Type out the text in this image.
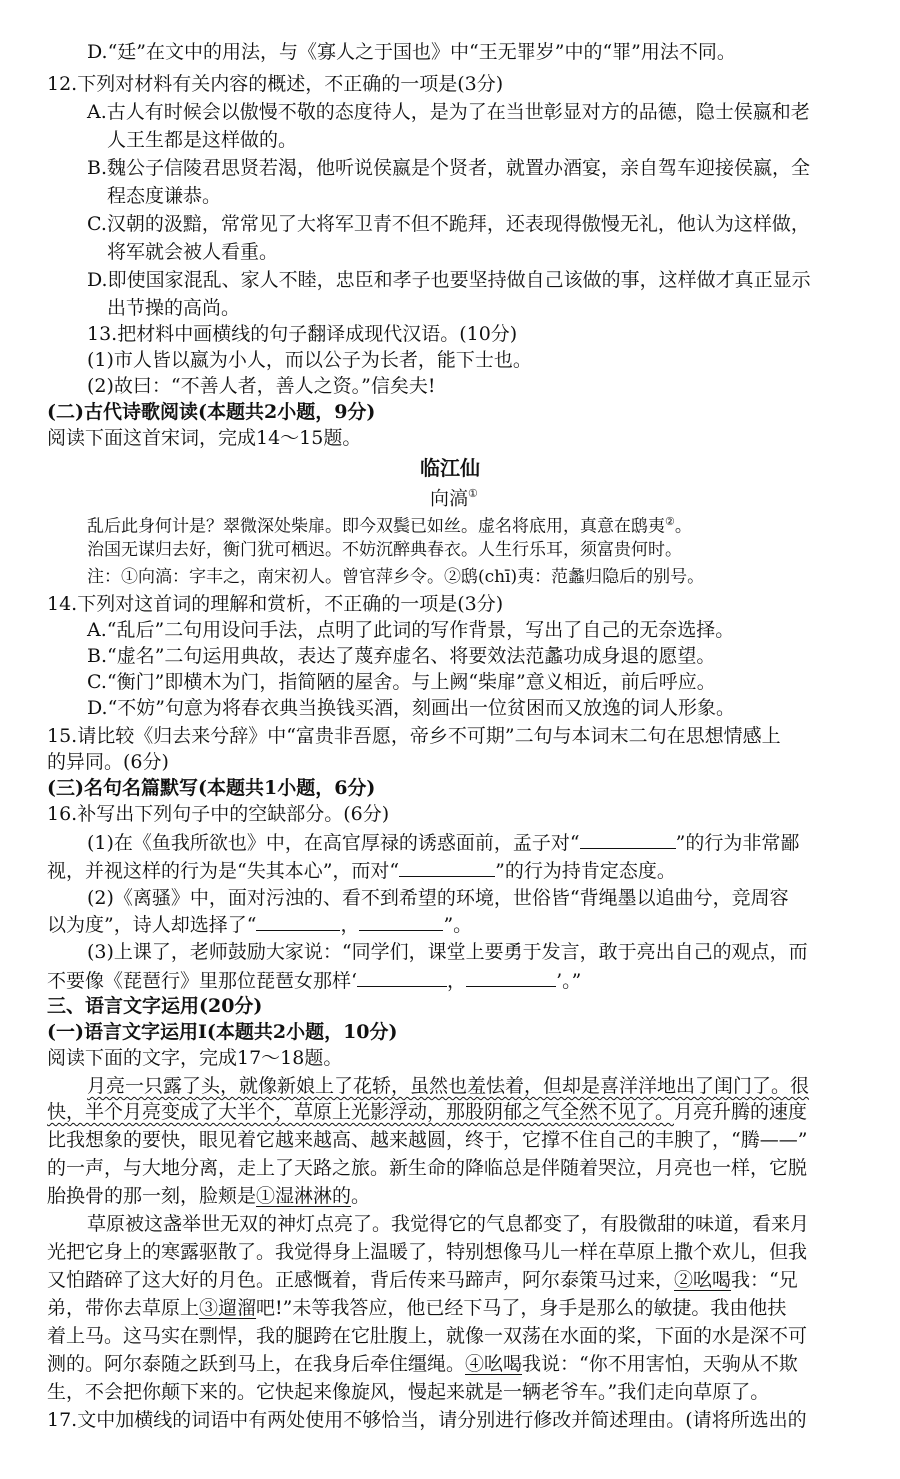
D.“廷”在文中的用法，与《寡人之于国也》中“王无罪岁”中的“罪”用法不同。
12.下列对材料有关内容的概述，不正确的一项是(3分)
A.古人有时候会以傲慢不敬的态度待人，是为了在当世彰显对方的品德，隐士侯嬴和老
人王生都是这样做的。
B.魏公子信陵君思贤若渴，他听说侯嬴是个贤者，就置办酒宴，亲自驾车迎接侯嬴，全
程态度谦恭。
C.汉朝的汲黯，常常见了大将军卫青不但不跪拜，还表现得傲慢无礼，他认为这样做，
将军就会被人看重。
D.即使国家混乱、家人不睦，忠臣和孝子也要坚持做自己该做的事，这样做才真正显示
出节操的高尚。
13.把材料中画横线的句子翻译成现代汉语。(10分)
(1)市人皆以嬴为小人，而以公子为长者，能下士也。
(2)故曰：“不善人者，善人之资。”信矣夫!
(二)古代诗歌阅读(本题共2小题，9分)
阅读下面这首宋词，完成14～15题。
临江仙
向滈①
乱后此身何计是？翠微深处柴扉。即今双鬓已如丝。虚名将底用，真意在鸱夷②。
治国无谋归去好，衡门犹可栖迟。不妨沉醉典春衣。人生行乐耳，须富贵何时。
注：①向滈：字丰之，南宋初人。曾官萍乡令。②鸱(chī)夷：范蠡归隐后的别号。
14.下列对这首词的理解和赏析，不正确的一项是(3分)
A.“乱后”二句用设问手法，点明了此词的写作背景，写出了自己的无奈选择。
B.“虚名”二句运用典故，表达了蔑弃虚名、将要效法范蠡功成身退的愿望。
C.“衡门”即横木为门，指简陋的屋舍。与上阙“柴扉”意义相近，前后呼应。
D.“不妨”句意为将春衣典当换钱买酒，刻画出一位贫困而又放逸的词人形象。
15.请比较《归去来兮辞》中“富贵非吾愿，帝乡不可期”二句与本词末二句在思想情感上
的异同。(6分)
(三)名句名篇默写(本题共1小题，6分)
16.补写出下列句子中的空缺部分。(6分)
(1)在《鱼我所欲也》中，在高官厚禄的诱惑面前，孟子对“	”的行为非常鄙
视，并视这样的行为是“失其本心”，而对“	”的行为持肯定态度。
(2)《离骚》中，面对污浊的、看不到希望的环境，世俗皆“背绳墨以追曲兮，竞周容
以为度”，诗人却选择了“	，	”。
(3)上课了，老师鼓励大家说：“同学们，课堂上要勇于发言，敢于亮出自己的观点，而
不要像《琵琶行》里那位琵琶女那样‘	，	’。”
三、语言文字运用(20分)
(一)语言文字运用Ⅰ(本题共2小题，10分)
阅读下面的文字，完成17～18题。
月亮一只露了头，就像新娘上了花轿，虽然也羞怯着，但却是喜洋洋地出了闺门了。很
快，半个月亮变成了大半个，草原上光影浮动，那股阴郁之气全然不见了。月亮升腾的速度
比我想象的要快，眼见着它越来越高、越来越圆，终于，它撑不住自己的丰腴了，“腾——”
的一声，与大地分离，走上了天路之旅。新生命的降临总是伴随着哭泣，月亮也一样，它脱
胎换骨的那一刻，脸颊是①湿淋淋的。
草原被这盏举世无双的神灯点亮了。我觉得它的气息都变了，有股微甜的味道，看来月
光把它身上的寒露驱散了。我觉得身上温暖了，特别想像马儿一样在草原上撒个欢儿，但我
又怕踏碎了这大好的月色。正感慨着，背后传来马蹄声，阿尔泰策马过来，②吆喝我：“兄
弟，带你去草原上③遛溜吧!”未等我答应，他已经下马了，身手是那么的敏捷。我由他扶
着上马。这马实在剽悍，我的腿跨在它肚腹上，就像一双荡在水面的桨，下面的水是深不可
测的。阿尔泰随之跃到马上，在我身后牵住缰绳。④吆喝我说：“你不用害怕，天驹从不欺
生，不会把你颠下来的。它快起来像旋风，慢起来就是一辆老爷车。”我们走向草原了。
17.文中加横线的词语中有两处使用不够恰当，请分别进行修改并简述理由。(请将所选出的
